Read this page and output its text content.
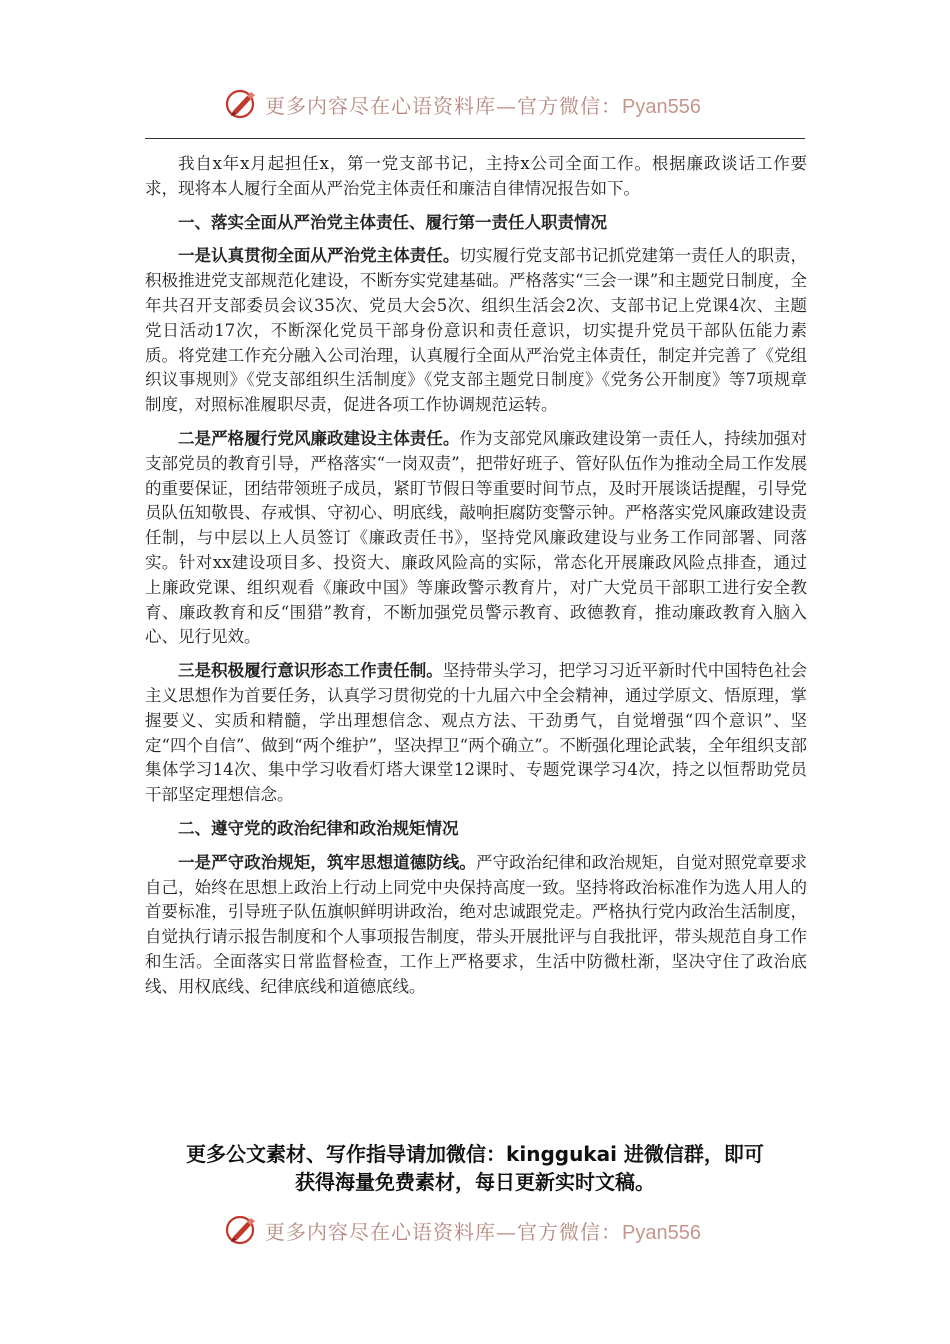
更多内容尽在心语资料库—官方微信：Pyan556

我自x年x月起担任x，第一党支部书记，主持x公司全面工作。根据廉政谈话工作要求，现将本人履行全面从严治党主体责任和廉洁自律情况报告如下。

一、落实全面从严治党主体责任、履行第一责任人职责情况

一是认真贯彻全面从严治党主体责任。切实履行党支部书记抓党建第一责任人的职责，积极推进党支部规范化建设，不断夯实党建基础。严格落实“三会一课”和主题党日制度，全年共召开支部委员会议35次、党员大会5次、组织生活会2次、支部书记上党课4次、主题党日活动17次，不断深化党员干部身份意识和责任意识，切实提升党员干部队伍能力素质。将党建工作充分融入公司治理，认真履行全面从严治党主体责任，制定并完善了《党组织议事规则》《党支部组织生活制度》《党支部主题党日制度》《党务公开制度》等7项规章制度，对照标准履职尽责，促进各项工作协调规范运转。

二是严格履行党风廉政建设主体责任。作为支部党风廉政建设第一责任人，持续加强对支部党员的教育引导，严格落实“一岗双责”，把带好班子、管好队伍作为推动全局工作发展的重要保证，团结带领班子成员，紧盯节假日等重要时间节点，及时开展谈话提醒，引导党员队伍知敬畏、存戒惧、守初心、明底线，敲响拒腐防变警示钟。严格落实党风廉政建设责任制，与中层以上人员签订《廉政责任书》，坚持党风廉政建设与业务工作同部署、同落实。针对xx建设项目多、投资大、廉政风险高的实际，常态化开展廉政风险点排查，通过上廉政党课、组织观看《廉政中国》等廉政警示教育片，对广大党员干部职工进行安全教育、廉政教育和反“围猎”教育，不断加强党员警示教育、政德教育，推动廉政教育入脑入心、见行见效。

三是积极履行意识形态工作责任制。坚持带头学习，把学习习近平新时代中国特色社会主义思想作为首要任务，认真学习贯彻党的十九届六中全会精神，通过学原文、悟原理，掌握要义、实质和精髓，学出理想信念、观点方法、干劲勇气，自觉增强“四个意识”、坚定“四个自信”、做到“两个维护”，坚决捍卫“两个确立”。不断强化理论武装，全年组织支部集体学习14次、集中学习收看灯塔大课堂12课时、专题党课学习4次，持之以恒帮助党员干部坚定理想信念。

二、遵守党的政治纪律和政治规矩情况

一是严守政治规矩，筑牢思想道德防线。严守政治纪律和政治规矩，自觉对照党章要求自己，始终在思想上政治上行动上同党中央保持高度一致。坚持将政治标准作为选人用人的首要标准，引导班子队伍旗帜鲜明讲政治，绝对忠诚跟党走。严格执行党内政治生活制度，自觉执行请示报告制度和个人事项报告制度，带头开展批评与自我批评，带头规范自身工作和生活。全面落实日常监督检查，工作上严格要求，生活中防微杜渐，坚决守住了政治底线、用权底线、纪律底线和道德底线。

更多公文素材、写作指导请加微信：kinggukai 进微信群，即可
获得海量免费素材，每日更新实时文稿。
更多内容尽在心语资料库—官方微信：Pyan556
